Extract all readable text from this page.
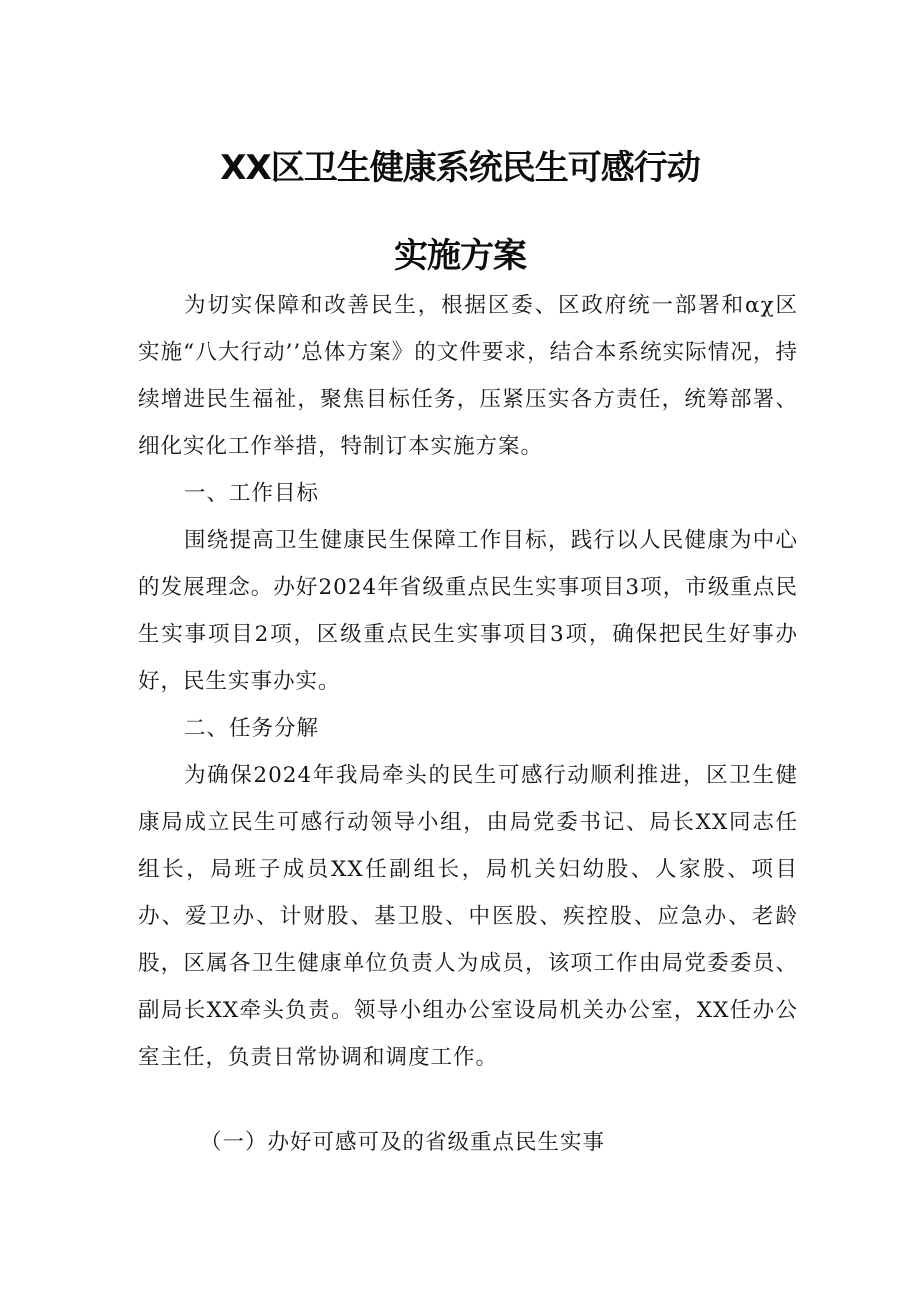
XX区卫生健康系统民生可感行动
实施方案

为切实保障和改善民生，根据区委、区政府统一部署和αχ区实施“八大行动’’总体方案》的文件要求，结合本系统实际情况，持续增进民生福祉，聚焦目标任务，压紧压实各方责任，统筹部署、细化实化工作举措，特制订本实施方案。

一、工作目标

围绕提高卫生健康民生保障工作目标，践行以人民健康为中心的发展理念。办好2024年省级重点民生实事项目3项，市级重点民生实事项目2项，区级重点民生实事项目3项，确保把民生好事办好，民生实事办实。

二、任务分解

为确保2024年我局牵头的民生可感行动顺利推进，区卫生健康局成立民生可感行动领导小组，由局党委书记、局长XX同志任组长，局班子成员XX任副组长，局机关妇幼股、人家股、项目办、爱卫办、计财股、基卫股、中医股、疾控股、应急办、老龄股，区属各卫生健康单位负责人为成员，该项工作由局党委委员、副局长XX牵头负责。领导小组办公室设局机关办公室，XX任办公室主任，负责日常协调和调度工作。

（一）办好可感可及的省级重点民生实事
